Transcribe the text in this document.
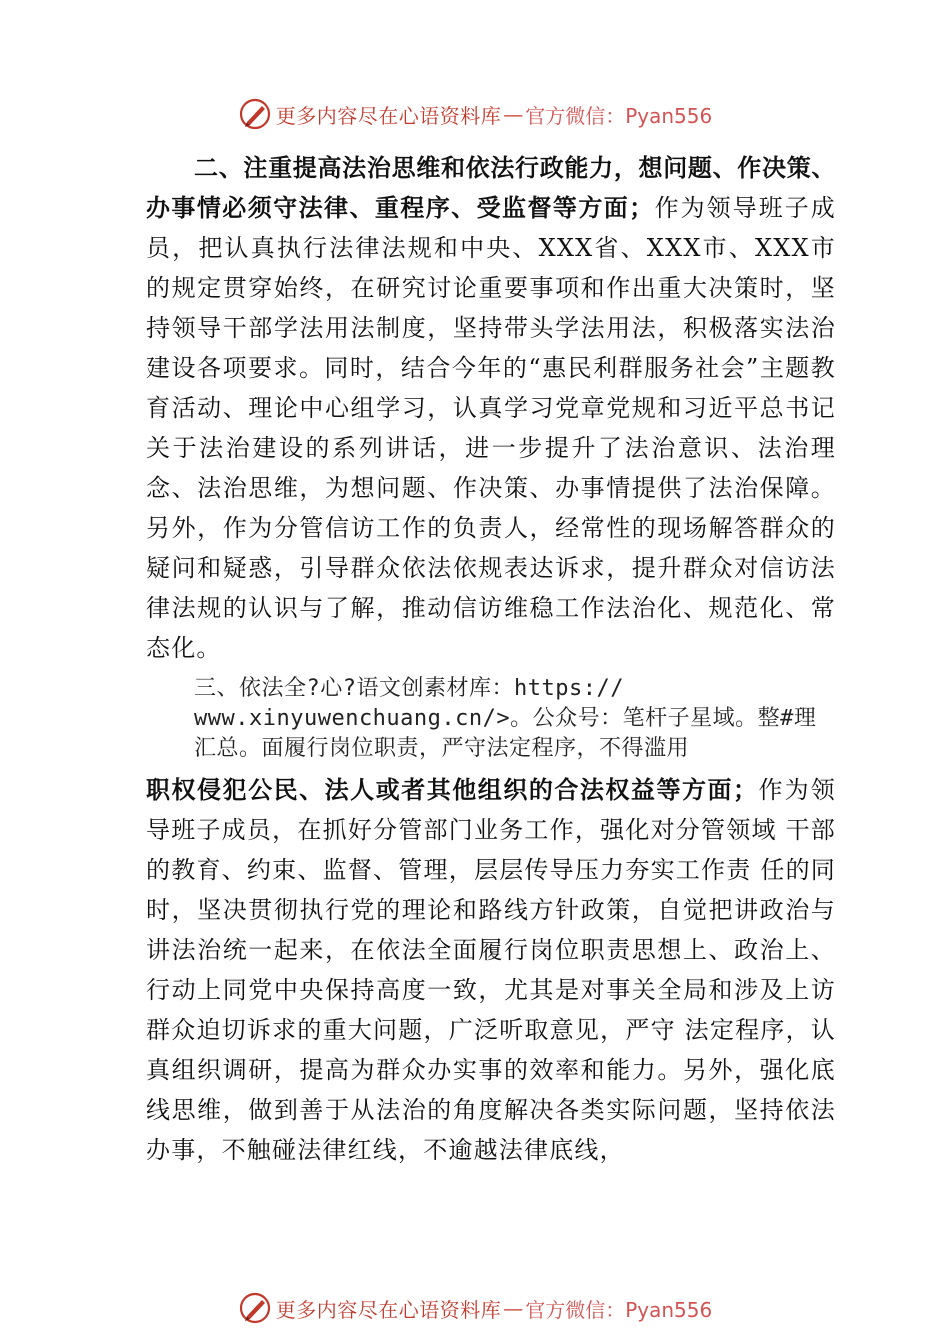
更多内容尽在心语资料库 — 官方微信：Pyan556

二、注重提高法治思维和依法行政能力，想问题、作决策、办事情必须守法律、重程序、受监督等方面；作为领导班子成员，把认真执行法律法规和中央、XXX省、XXX市、XXX市的规定贯穿始终，在研究讨论重要事项和作出重大决策时，坚持领导干部学法用法制度，坚持带头学法用法，积极落实法治建设各项要求。同时，结合今年的“惠民利群服务社会”主题教育活动、理论中心组学习，认真学习党章党规和习近平总书记关于法治建设的系列讲话，进一步提升了法治意识、法治理念、法治思维，为想问题、作决策、办事情提供了法治保障。另外，作为分管信访工作的负责人，经常性的现场解答群众的疑问和疑惑，引导群众依法依规表达诉求，提升群众对信访法律法规的认识与了解，推动信访维稳工作法治化、规范化、常态化。

三、依法全?心?语文创素材库：https://
www.xinyuwenchuang.cn/>。公众号：笔杆子星域。整#理
汇总。面履行岗位职责，严守法定程序，不得滥用

职权侵犯公民、法人或者其他组织的合法权益等方面；作为领导班子成员，在抓好分管部门业务工作，强化对分管领域 干部的教育、约束、监督、管理，层层传导压力夯实工作责 任的同时，坚决贯彻执行党的理论和路线方针政策，自觉把讲政治与讲法治统一起来，在依法全面履行岗位职责思想上、政治上、行动上同党中央保持高度一致，尤其是对事关全局和涉及上访群众迫切诉求的重大问题，广泛听取意见，严守 法定程序，认真组织调研，提高为群众办实事的效率和能力。另外，强化底线思维，做到善于从法治的角度解决各类实际问题，坚持依法办事，不触碰法律红线，不逾越法律底线，

更多内容尽在心语资料库 — 官方微信：Pyan556
